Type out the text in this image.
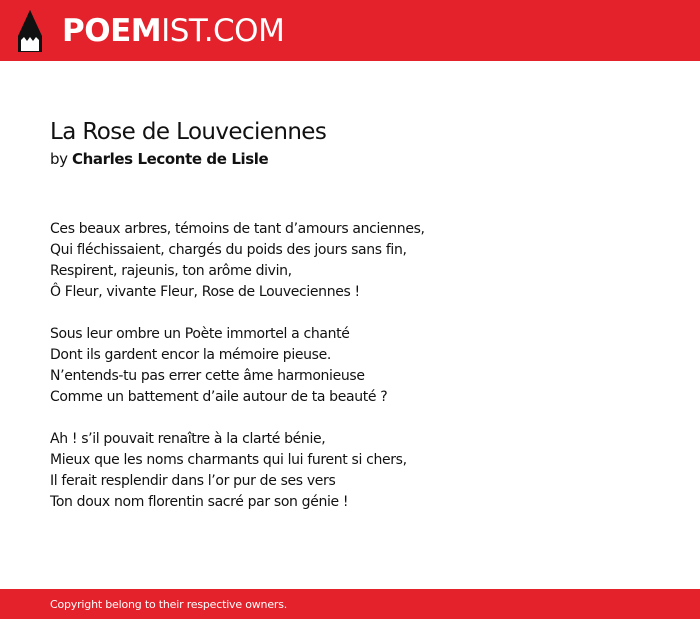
POEMIST.COM
La Rose de Louveciennes
by Charles Leconte de Lisle
Ces beaux arbres, témoins de tant d’amours anciennes,
Qui fléchissaient, chargés du poids des jours sans fin,
Respirent, rajeunis, ton arôme divin,
Ô Fleur, vivante Fleur, Rose de Louveciennes !
Sous leur ombre un Poète immortel a chanté
Dont ils gardent encor la mémoire pieuse.
N’entends-tu pas errer cette âme harmonieuse
Comme un battement d’aile autour de ta beauté ?
Ah ! s’il pouvait renaître à la clarté bénie,
Mieux que les noms charmants qui lui furent si chers,
Il ferait resplendir dans l’or pur de ses vers
Ton doux nom florentin sacré par son génie !
Copyright belong to their respective owners.
